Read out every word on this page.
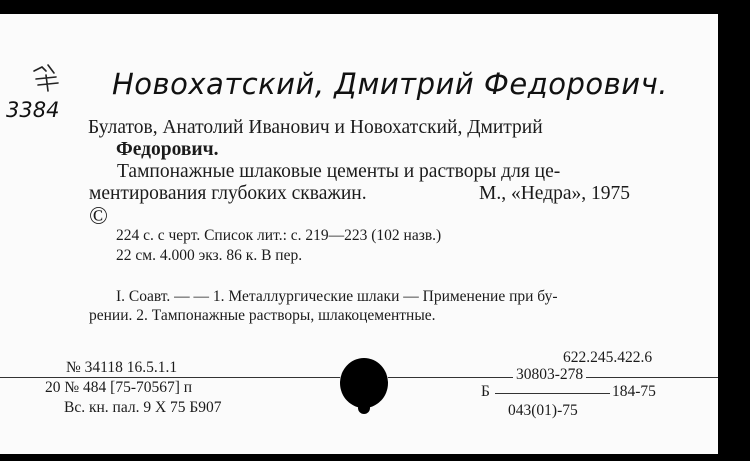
3384
Новохатский, Дмитрий Федорович.
Булатов, Анатолий Иванович и Новохатский, Дмитрий
Федорович.
Тампонажные шлаковые цементы и растворы для це-
ментирования глубоких скважин.	М., «Недра», 1975
©
224 с. с черт. Список лит.: с. 219—223 (102 назв.)
22 см. 4.000 экз. 86 к. В пер.
I. Соавт. — — 1. Металлургические шлаки — Применение при бу-
рении. 2. Тампонажные растворы, шлакоцементные.
622.245.422.6
№ 34118 16.5.1.1
20 № 484 [75-70567] п
Вс. кн. пал. 9 X 75 Б907
30803-278
Б	184-75
043(01)-75
